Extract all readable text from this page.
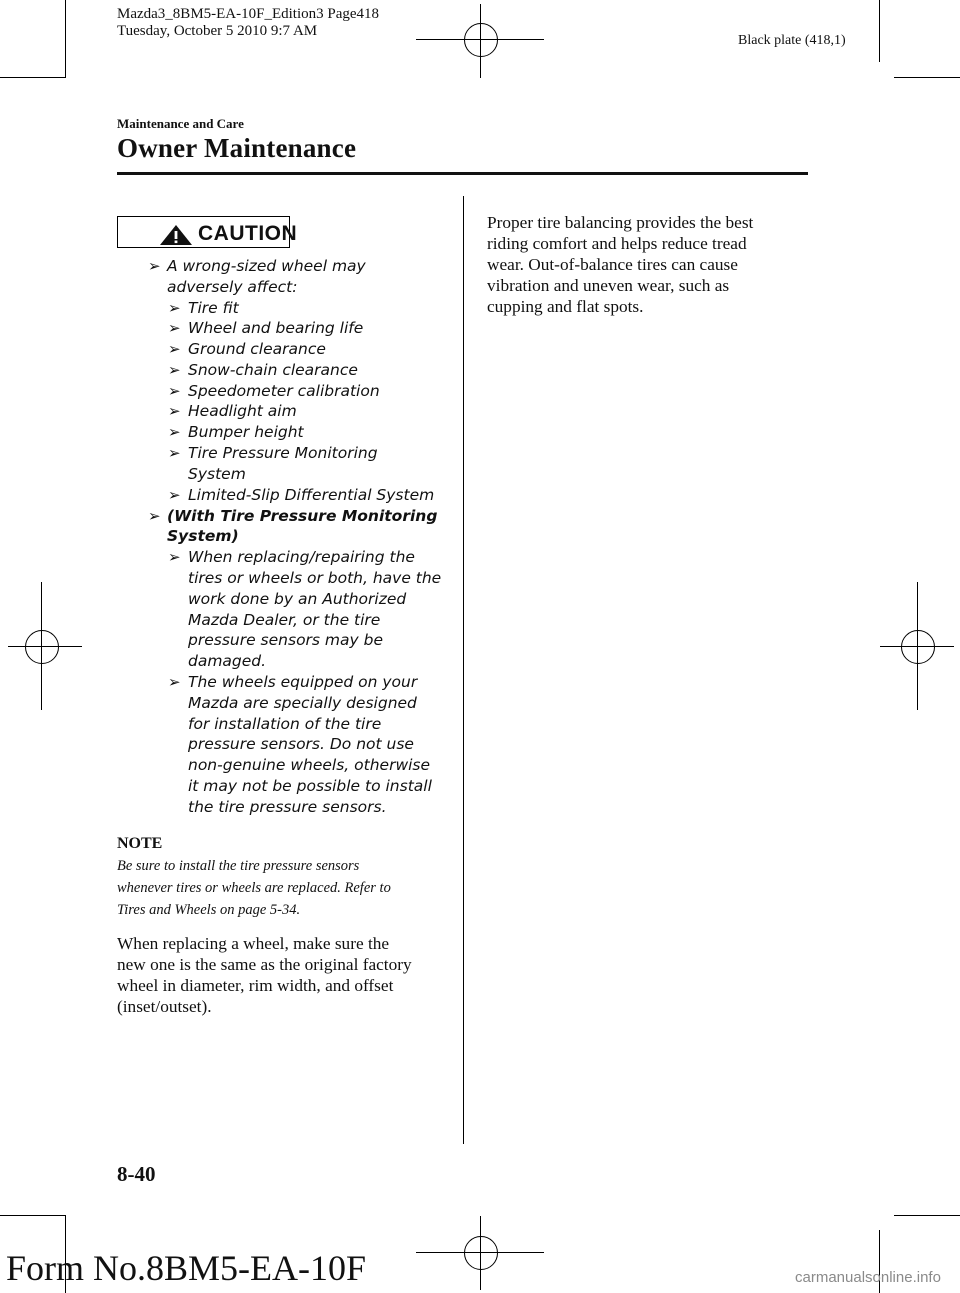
Mazda3_8BM5-EA-10F_Edition3 Page418
Tuesday, October 5 2010 9:7 AM
Black plate (418,1)
Maintenance and Care
Owner Maintenance
CAUTION
➢ A wrong-sized wheel may
adversely affect:
➢ Tire fit
➢ Wheel and bearing life
➢ Ground clearance
➢ Snow-chain clearance
➢ Speedometer calibration
➢ Headlight aim
➢ Bumper height
➢ Tire Pressure Monitoring
System
➢ Limited-Slip Differential System
➢ (With Tire Pressure Monitoring
System)
➢ When replacing/repairing the
tires or wheels or both, have the
work done by an Authorized
Mazda Dealer, or the tire
pressure sensors may be
damaged.
➢ The wheels equipped on your
Mazda are specially designed
for installation of the tire
pressure sensors. Do not use
non-genuine wheels, otherwise
it may not be possible to install
the tire pressure sensors.
NOTE
Be sure to install the tire pressure sensors
whenever tires or wheels are replaced. Refer to
Tires and Wheels on page 5-34.
When replacing a wheel, make sure the
new one is the same as the original factory
wheel in diameter, rim width, and offset
(inset/outset).
Proper tire balancing provides the best
riding comfort and helps reduce tread
wear. Out-of-balance tires can cause
vibration and uneven wear, such as
cupping and flat spots.
8-40
Form No.8BM5-EA-10F	carmanualsonline.info
